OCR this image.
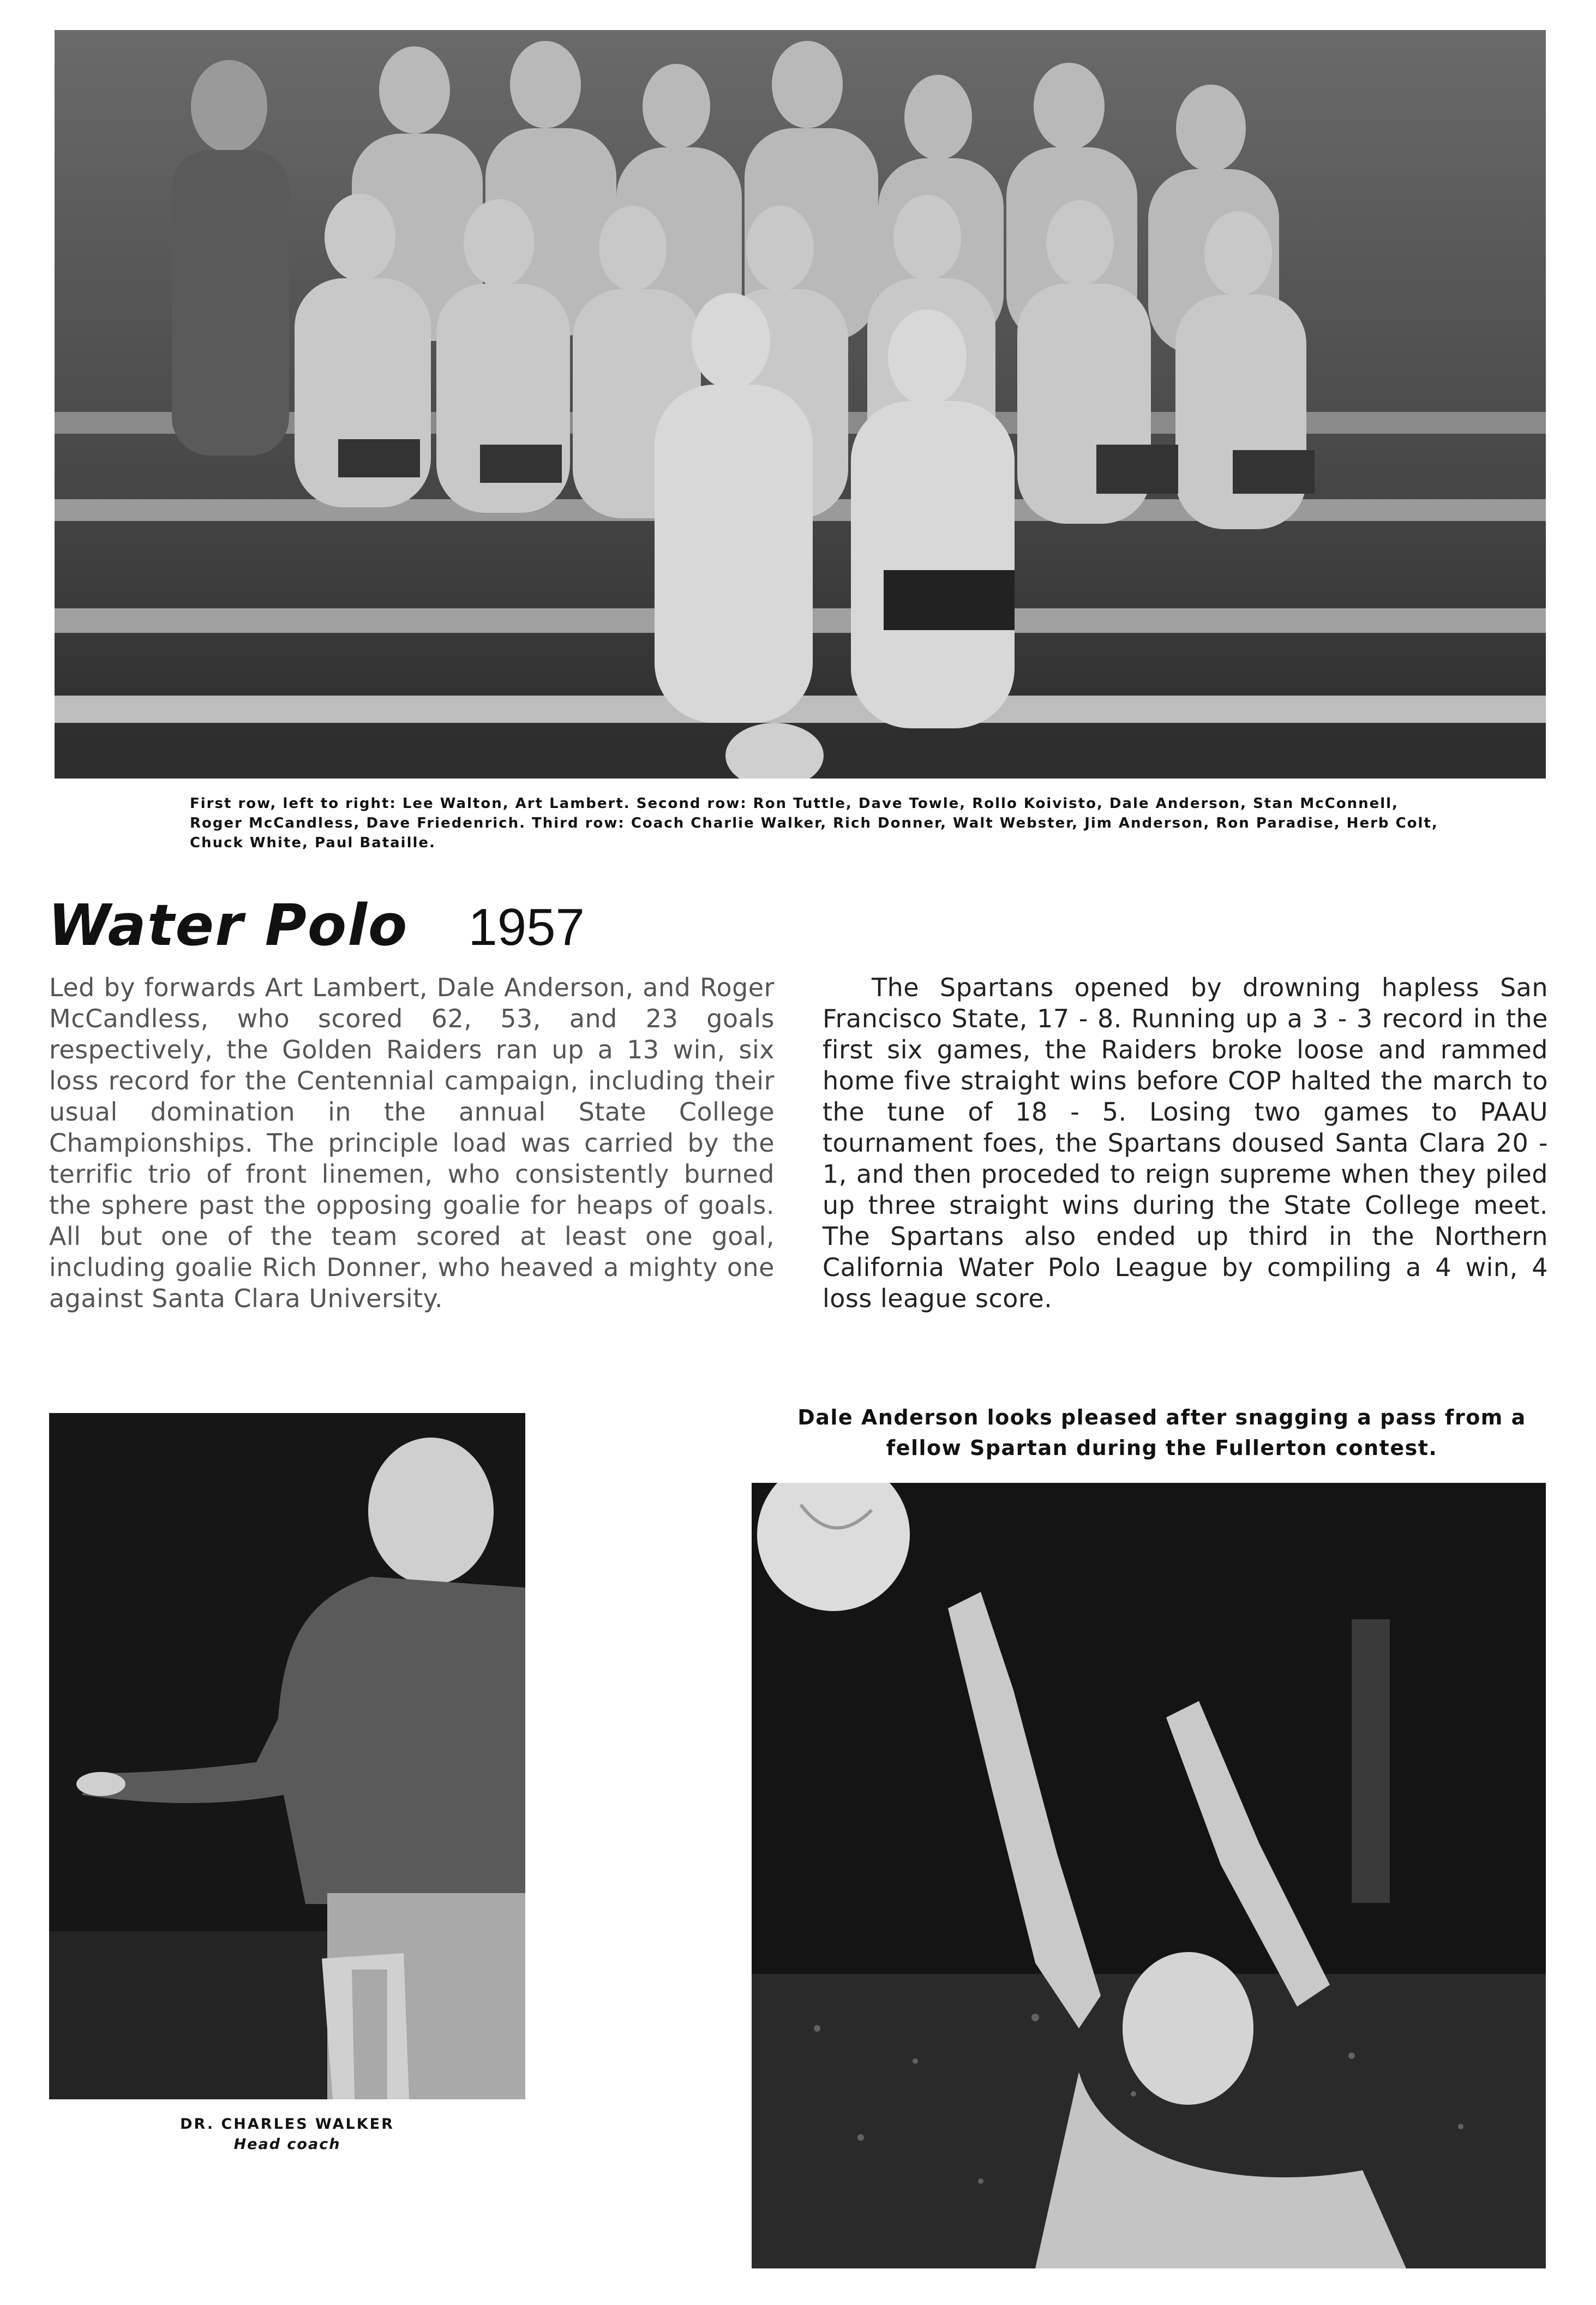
First row, left to right: Lee Walton, Art Lambert. Second row: Ron Tuttle, Dave Towle, Rollo Koivisto, Dale Anderson, Stan McConnell, Roger McCandless, Dave Friedenrich. Third row: Coach Charlie Walker, Rich Donner, Walt Webster, Jim Anderson, Ron Paradise, Herb Colt, Chuck White, Paul Bataille.
Water Polo 1957
Led by forwards Art Lambert, Dale Anderson, and Roger McCandless, who scored 62, 53, and 23 goals respectively, the Golden Raiders ran up a 13 win, six loss record for the Centennial campaign, including their usual domination in the annual State College Championships. The principle load was carried by the terrific trio of front linemen, who consistently burned the sphere past the opposing goalie for heaps of goals. All but one of the team scored at least one goal, including goalie Rich Donner, who heaved a mighty one against Santa Clara University.
The Spartans opened by drowning hapless San Francisco State, 17 - 8. Running up a 3 - 3 record in the first six games, the Raiders broke loose and rammed home five straight wins before COP halted the march to the tune of 18 - 5. Losing two games to PAAU tournament foes, the Spartans doused Santa Clara 20 - 1, and then proceded to reign supreme when they piled up three straight wins during the State College meet. The Spartans also ended up third in the Northern California Water Polo League by compiling a 4 win, 4 loss league score.
DR. CHARLES WALKER
Head coach
Dale Anderson looks pleased after snagging a pass from a fellow Spartan during the Fullerton contest.
